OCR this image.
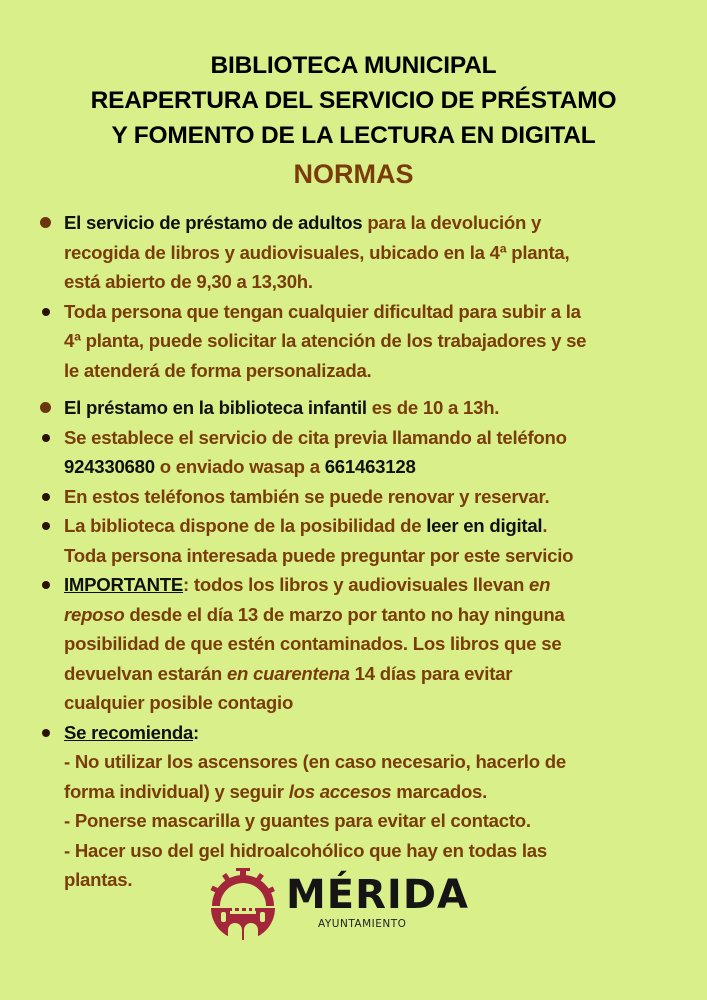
BIBLIOTECA MUNICIPAL
REAPERTURA DEL SERVICIO DE PRÉSTAMO
Y FOMENTO DE LA LECTURA EN DIGITAL
NORMAS
El servicio de préstamo de adultos para la devolución y
recogida de libros y audiovisuales, ubicado en la 4ª planta,
está abierto de 9,30 a 13,30h.
Toda persona que tengan cualquier dificultad para subir a la
4ª planta, puede solicitar la atención de los trabajadores y se
le atenderá de forma personalizada.
El préstamo en la biblioteca infantil es de 10 a 13h.
Se establece el servicio de cita previa llamando al teléfono
924330680 o enviado wasap a 661463128
En estos teléfonos también se puede renovar y reservar.
La biblioteca dispone de la posibilidad de leer en digital.
Toda persona interesada puede preguntar por este servicio
IMPORTANTE: todos los libros y audiovisuales llevan en
reposo desde el día 13 de marzo por tanto no hay ninguna
posibilidad de que estén contaminados. Los libros que se
devuelvan estarán en cuarentena 14 días para evitar
cualquier posible contagio
Se recomienda:
- No utilizar los ascensores (en caso necesario, hacerlo de
forma individual) y seguir los accesos marcados.
- Ponerse mascarilla y guantes para evitar el contacto.
- Hacer uso del gel hidroalcohólico que hay en todas las
plantas.	MÉRIDA
AYUNTAMIENTO
